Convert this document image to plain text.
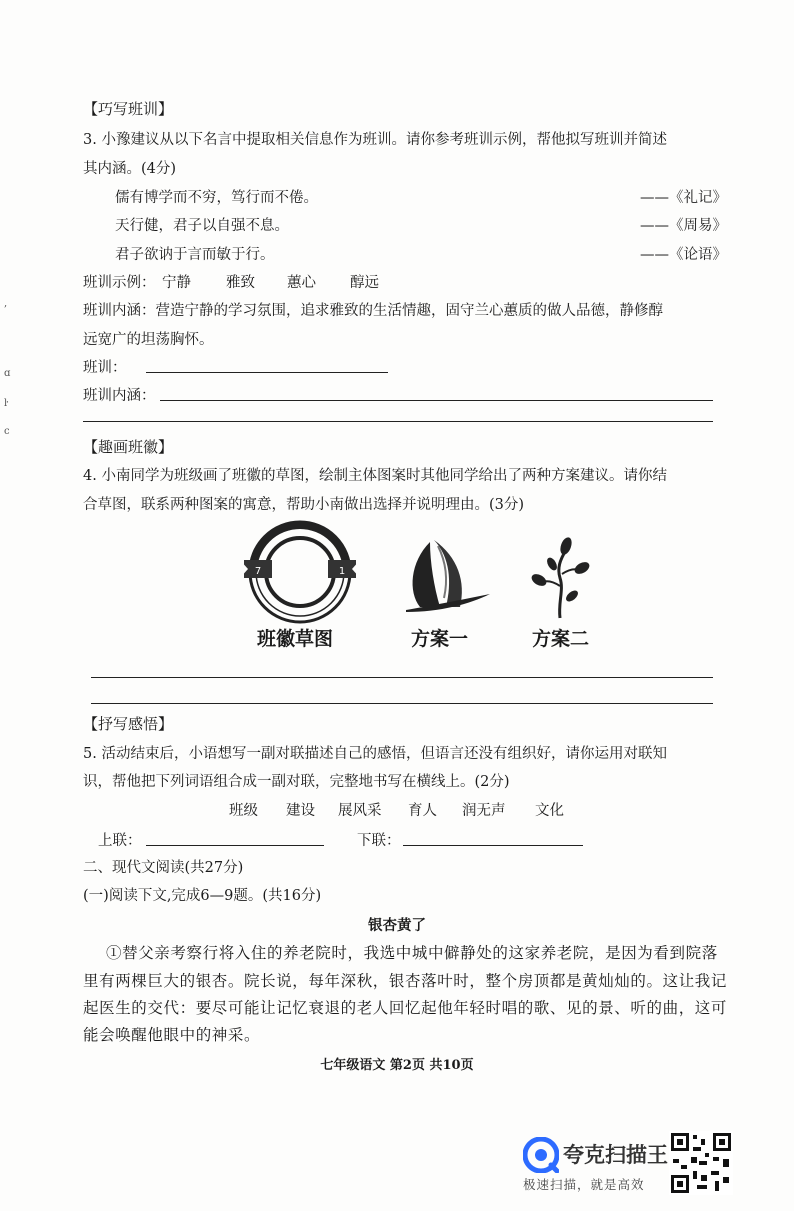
,
ɑ
ŀ
c
【巧写班训】
3. 小豫建议从以下名言中提取相关信息作为班训。请你参考班训示例，帮他拟写班训并简述
其内涵。(4分)
儒有博学而不穷，笃行而不倦。	——《礼记》
天行健，君子以自强不息。	——《周易》
君子欲讷于言而敏于行。	——《论语》
班训示例： 宁静 雅致 蕙心 醇远
班训内涵：营造宁静的学习氛围，追求雅致的生活情趣，固守兰心蕙质的做人品德，静修醇
远宽广的坦荡胸怀。
班训：
班训内涵：
【趣画班徽】
4. 小南同学为班级画了班徽的草图，绘制主体图案时其他同学给出了两种方案建议。请你结
合草图，联系两种图案的寓意，帮助小南做出选择并说明理由。(3分)
7	1
班徽草图	方案一	方案二
【抒写感悟】
5. 活动结束后，小语想写一副对联描述自己的感悟，但语言还没有组织好，请你运用对联知
识，帮他把下列词语组合成一副对联，完整地书写在横线上。(2分)
班级 建设 展风采 育人 润无声 文化
上联：	下联：
二、现代文阅读(共27分)
(一)阅读下文,完成6—9题。(共16分)
银杏黄了
①替父亲考察行将入住的养老院时，我选中城中僻静处的这家养老院，是因为看到院落
里有两棵巨大的银杏。院长说，每年深秋，银杏落叶时，整个房顶都是黄灿灿的。这让我记
起医生的交代：要尽可能让记忆衰退的老人回忆起他年轻时唱的歌、见的景、听的曲，这可
能会唤醒他眼中的神采。
七年级语文 第2页 共10页
夸克扫描王
极速扫描，就是高效
